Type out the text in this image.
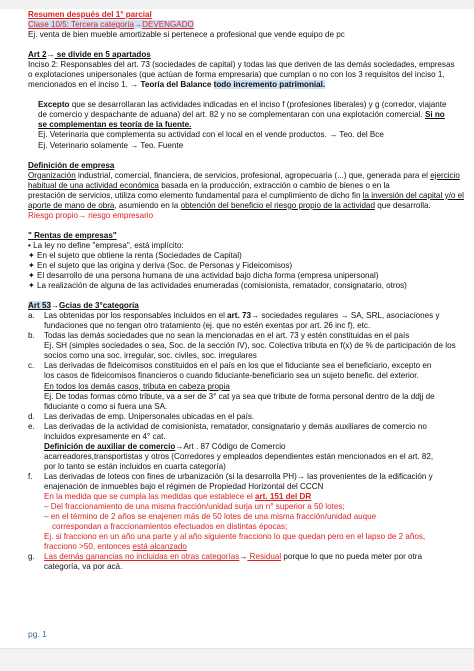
Resumen después del 1° parcial

Clase 10/5: Tercera categoría→DEVENGADO

Ej. venta de bien mueble amortizable si pertenece a profesional que vende equipo de pc

Art 2→ se divide en 5 apartados

Inciso 2: Responsables del art. 73 (sociedades de capital) y todas las que deriven de las demás sociedades, empresas

o explotaciones unipersonales (que actúan de forma empresaria) que cumplan o no con los 3 requisitos del inciso 1,

mencionados en el inciso 1. → Teoría del Balance todo incremento patrimonial.

Excepto que se desarrollaran las actividades indicadas en el inciso f (profesiones liberales) y g (corredor, viajante

de comercio y despachante de aduana) del art. 82 y no se complementaran con una explotación comercial. Si no

se complementan es teoría de la fuente.

Ej. Veterinaria que complementa su actividad con el local en el vende productos. → Teo. del Bce

Ej. Veterinario solamente → Teo. Fuente

Definición de empresa

Organización industrial, comercial, financiera, de servicios, profesional, agropecuaria (...) que, generada para el ejercicio

habitual de una actividad económica basada en la producción, extracción o cambio de bienes o en la

prestación de servicios, utiliza como elemento fundamental para el cumplimiento de dicho fin la inversión del capital y/o el

aporte de mano de obra, asumiendo en la obtención del beneficio el riesgo propio de la actividad que desarrolla.

Riesgo propio→ riesgo empresario

" Rentas de empresas"

• La ley no define "empresa", está implícito:

✦ En el sujeto que obtiene la renta (Sociedades de Capital)

✦ En el sujeto que las origina y deriva (Soc. de Personas y Fideicomisos)

✦ El desarrollo de una persona humana de una actividad bajo dicha forma (empresa unipersonal)

✦ La realización de alguna de las actividades enumeradas (comisionista, rematador, consignatario, otros)

Art 53→Gcias de 3°categoría

a.	Las obtenidas por los responsables incluidos en el art. 73→ sociedades regulares → SA, SRL, asociaciones y

fundaciones que no tengan otro tratamiento (ej. que no estén exentas por art. 26 inc f), etc.

b.	Todas las demás sociedades que no sean la mencionadas en el art. 73 y estén constituidas en el país

Ej. SH (simples sociedades o sea, Soc. de la sección IV), soc. Colectiva tributa en f(x) de % de participación de los

socios como una soc. irregular, soc. civiles, soc. irregulares

c.	Las derivadas de fideicomisos constituidos en el país en los que el fiduciante sea el beneficiario, excepto en

los casos de fideicomisos financieros o cuando fiduciante-beneficiario sea un sujeto benefic. del exterior.

En todos los demás casos, tributa en cabeza propia

Ej. De todas formas cómo tribute, va a ser de 3° cat ya sea que tribute de forma personal dentro de la ddjj de

fiduciante o como si fuera una SA.

d.	Las derivadas de emp. Unipersonales ubicadas en el país.

e.	Las derivadas de la actividad de comisionista, rematador, consignatario y demás auxiliares de comercio no

incluidos expresamente en 4° cat.

Definición de auxiliar de comercio→Art . 87 Código de Comercio

acarreadores,transportistas y otros (Corredores y empleados dependientes están mencionados en el art. 82,

por lo tanto se están incluidos en cuarta categoría)

f.	Las derivadas de loteos con fines de urbanización (si la desarrolla PH)→ las provenientes de la edificación y

enajenación de inmuebles bajo el régimen de Propiedad Horizontal del CCCN

En la medida que se cumpla las medidas que establece el art. 151 del DR

– Del fraccionamiento de una misma fracción/unidad surja un n° superior a 50 lotes;

– en el término de 2 años se enajenen más de 50 lotes de una misma fracción/unidad auque

correspondan a fraccionamientos efectuados en distintas épocas;

Ej. si fracciono en un año una parte y al año siguiente fracciono lo que quedan pero en el lapso de 2 años,

fracciono >50, entonces está alcanzado

g.	Las demás ganancias no incluidas en otras categorías→ Residual porque lo que no pueda meter por otra

categoría, va por acá.

pg. 1
